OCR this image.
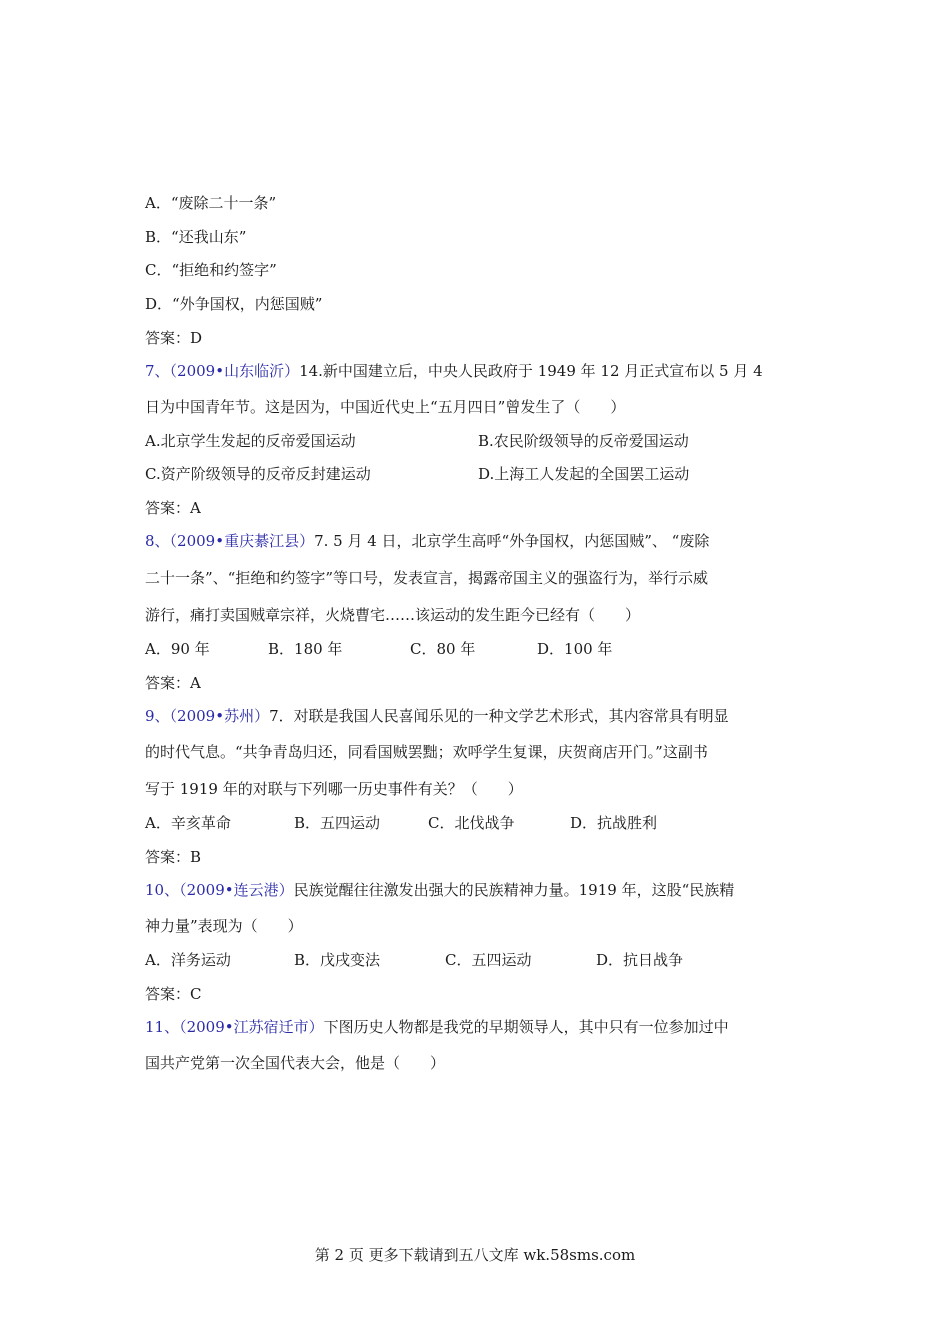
A．“废除二十一条”
B．“还我山东”
C．“拒绝和约签字”
D．“外争国权，内惩国贼”
答案：D
7、（2009•山东临沂）14.新中国建立后，中央人民政府于 1949 年 12 月正式宣布以 5 月 4
日为中国青年节。这是因为，中国近代史上“五月四日”曾发生了（　　）
A.北京学生发起的反帝爱国运动	B.农民阶级领导的反帝爱国运动
C.资产阶级领导的反帝反封建运动	D.上海工人发起的全国罢工运动
答案：A
8、（2009•重庆綦江县）7. 5 月 4 日，北京学生高呼“外争国权，内惩国贼”、 “废除
二十一条”、“拒绝和约签字”等口号，发表宣言，揭露帝国主义的强盗行为，举行示威
游行，痛打卖国贼章宗祥，火烧曹宅……该运动的发生距今已经有（　　）
A．90 年	B．180 年	C．80 年	D．100 年
答案：A
9、（2009•苏州）7．对联是我国人民喜闻乐见的一种文学艺术形式，其内容常具有明显
的时代气息。“共争青岛归还，同看国贼罢黜；欢呼学生复课，庆贺商店开门。”这副书
写于 1919 年的对联与下列哪一历史事件有关？（　　）
A．辛亥革命	B．五四运动	C．北伐战争	D．抗战胜利
答案：B
10、（2009•连云港）民族觉醒往往激发出强大的民族精神力量。1919 年，这股“民族精
神力量”表现为（　　）
A．洋务运动	B．戊戌变法	C．五四运动	D．抗日战争
答案：C
11、（2009•江苏宿迁市）下图历史人物都是我党的早期领导人，其中只有一位参加过中
国共产党第一次全国代表大会，他是（　　）
第 2 页 更多下载请到五八文库 wk.58sms.com
